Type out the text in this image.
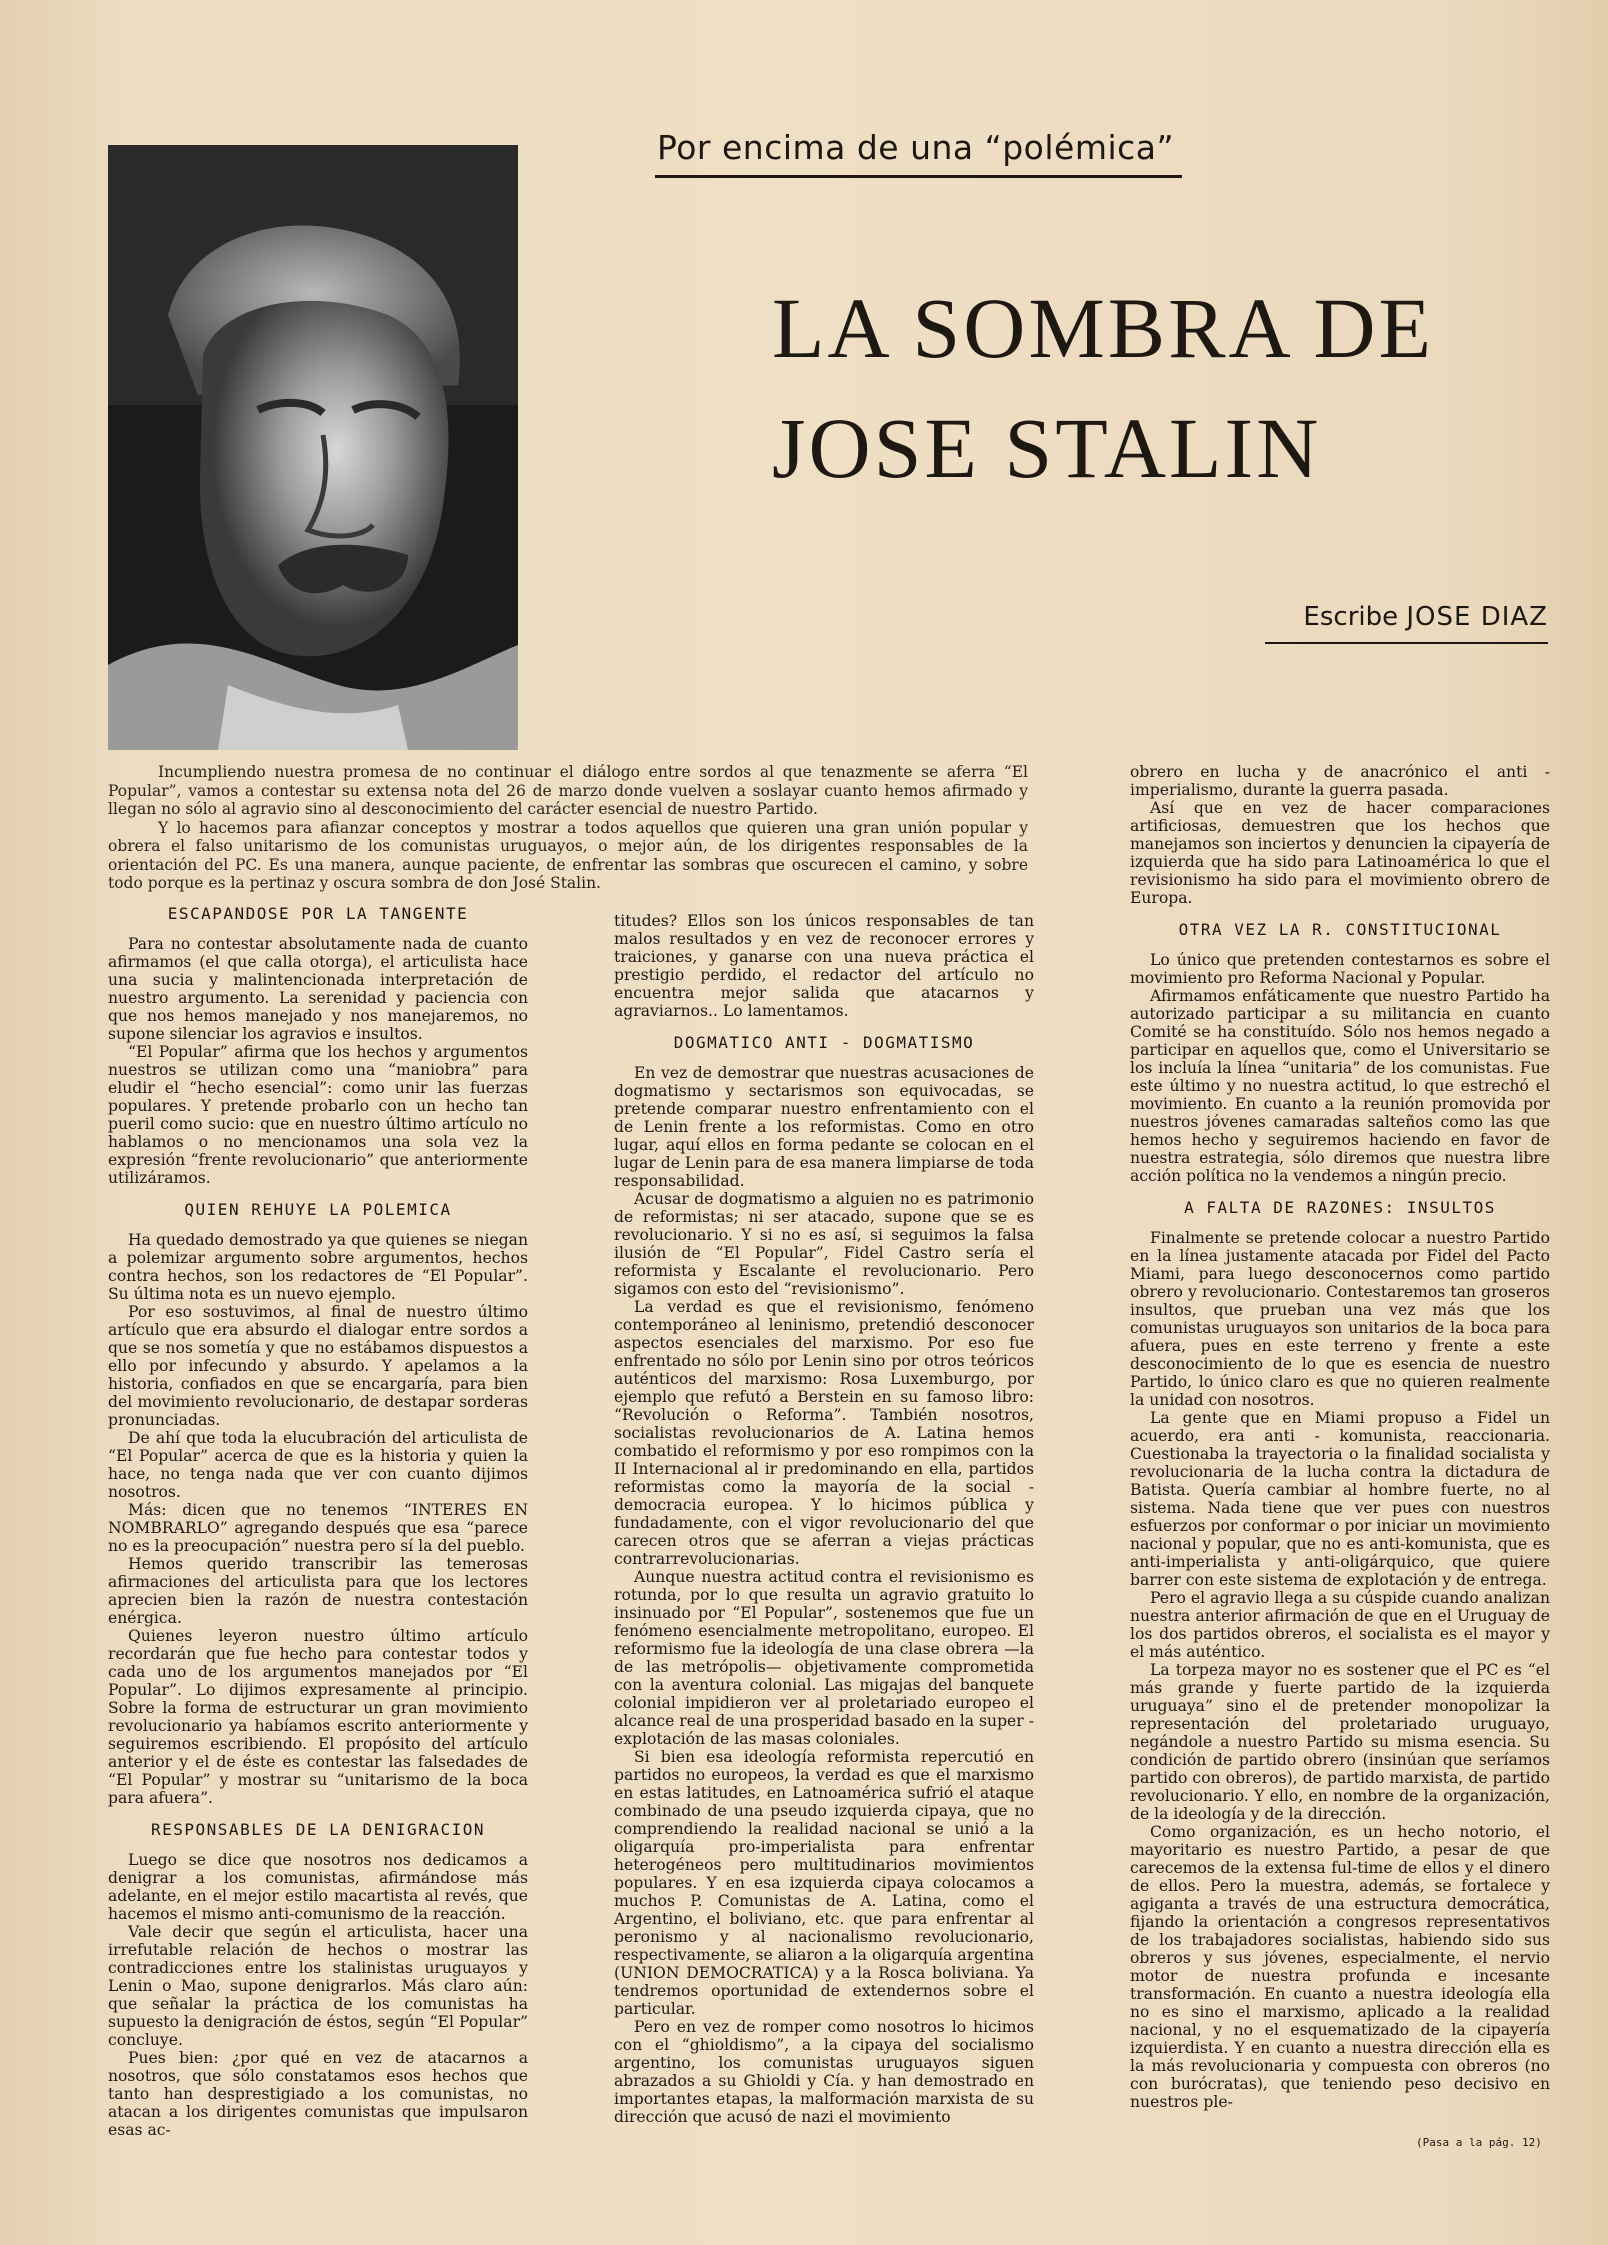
Por encima de una “polémica”
LA SOMBRA DE
JOSE STALIN
Escribe JOSE DIAZ

Incumpliendo nuestra promesa de no continuar el diálogo entre sordos al que tenazmente se aferra “El Popular”, vamos a contestar su extensa nota del 26 de marzo donde vuelven a soslayar cuanto hemos afirmado y llegan no sólo al agravio sino al desconocimiento del carácter esencial de nuestro Partido.

Y lo hacemos para afianzar conceptos y mostrar a todos aquellos que quieren una gran unión popular y obrera el falso unitarismo de los comunistas uruguayos, o mejor aún, de los dirigentes responsables de la orientación del PC. Es una manera, aunque paciente, de enfrentar las sombras que oscurecen el camino, y sobre todo porque es la pertinaz y oscura sombra de don José Stalin.

ESCAPANDOSE POR LA TANGENTE

Para no contestar absolutamente nada de cuanto afirmamos (el que calla otorga), el articulista hace una sucia y malintencionada interpretación de nuestro argumento. La serenidad y paciencia con que nos hemos manejado y nos manejaremos, no supone silenciar los agravios e insultos.

“El Popular” afirma que los hechos y argumentos nuestros se utilizan como una “maniobra” para eludir el “hecho esencial”: como unir las fuerzas populares. Y pretende probarlo con un hecho tan pueril como sucio: que en nuestro último artículo no hablamos o no mencionamos una sola vez la expresión “frente revolucionario” que anteriormente utilizáramos.

QUIEN REHUYE LA POLEMICA

Ha quedado demostrado ya que quienes se niegan a polemizar argumento sobre argumentos, hechos contra hechos, son los redactores de “El Popular”. Su última nota es un nuevo ejemplo.

Por eso sostuvimos, al final de nuestro último artículo que era absurdo el dialogar entre sordos a que se nos sometía y que no estábamos dispuestos a ello por infecundo y absurdo. Y apelamos a la historia, confiados en que se encargaría, para bien del movimiento revolucionario, de destapar sorderas pronunciadas.

De ahí que toda la elucubración del articulista de “El Popular” acerca de que es la historia y quien la hace, no tenga nada que ver con cuanto dijimos nosotros.

Más: dicen que no tenemos “INTERES EN NOMBRARLO” agregando después que esa “parece no es la preocupación” nuestra pero sí la del pueblo.

Hemos querido transcribir las temerosas afirmaciones del articulista para que los lectores aprecien bien la razón de nuestra contestación enérgica.

Quienes leyeron nuestro último artículo recordarán que fue hecho para contestar todos y cada uno de los argumentos manejados por “El Popular”. Lo dijimos expresamente al principio. Sobre la forma de estructurar un gran movimiento revolucionario ya habíamos escrito anteriormente y seguiremos escribiendo. El propósito del artículo anterior y el de éste es contestar las falsedades de “El Popular” y mostrar su “unitarismo de la boca para afuera”.

RESPONSABLES DE LA DENIGRACION

Luego se dice que nosotros nos dedicamos a denigrar a los comunistas, afirmándose más adelante, en el mejor estilo macartista al revés, que hacemos el mismo anti-comunismo de la reacción.

Vale decir que según el articulista, hacer una irrefutable relación de hechos o mostrar las contradicciones entre los stalinistas uruguayos y Lenin o Mao, supone denigrarlos. Más claro aún: que señalar la práctica de los comunistas ha supuesto la denigración de éstos, según “El Popular” concluye.

Pues bien: ¿por qué en vez de atacarnos a nosotros, que sólo constatamos esos hechos que tanto han desprestigiado a los comunistas, no atacan a los dirigentes comunistas que impulsaron esas ac-

titudes? Ellos son los únicos responsables de tan malos resultados y en vez de reconocer errores y traiciones, y ganarse con una nueva práctica el prestigio perdido, el redactor del artículo no encuentra mejor salida que atacarnos y agraviarnos.. Lo lamentamos.

DOGMATICO ANTI - DOGMATISMO

En vez de demostrar que nuestras acusaciones de dogmatismo y sectarismos son equivocadas, se pretende comparar nuestro enfrentamiento con el de Lenin frente a los reformistas. Como en otro lugar, aquí ellos en forma pedante se colocan en el lugar de Lenin para de esa manera limpiarse de toda responsabilidad.

Acusar de dogmatismo a alguien no es patrimonio de reformistas; ni ser atacado, supone que se es revolucionario. Y si no es así, si seguimos la falsa ilusión de “El Popular”, Fidel Castro sería el reformista y Escalante el revolucionario. Pero sigamos con esto del “revisionismo”.

La verdad es que el revisionismo, fenómeno contemporáneo al leninismo, pretendió desconocer aspectos esenciales del marxismo. Por eso fue enfrentado no sólo por Lenin sino por otros teóricos auténticos del marxismo: Rosa Luxemburgo, por ejemplo que refutó a Berstein en su famoso libro: “Revolución o Reforma”. También nosotros, socialistas revolucionarios de A. Latina hemos combatido el reformismo y por eso rompimos con la II Internacional al ir predominando en ella, partidos reformistas como la mayoría de la social - democracia europea. Y lo hicimos pública y fundadamente, con el vigor revolucionario del que carecen otros que se aferran a viejas prácticas contrarrevolucionarias.

Aunque nuestra actitud contra el revisionismo es rotunda, por lo que resulta un agravio gratuito lo insinuado por “El Popular”, sostenemos que fue un fenómeno esencialmente metropolitano, europeo. El reformismo fue la ideología de una clase obrera —la de las metrópolis— objetivamente comprometida con la aventura colonial. Las migajas del banquete colonial impidieron ver al proletariado europeo el alcance real de una prosperidad basado en la super - explotación de las masas coloniales.

Si bien esa ideología reformista repercutió en partidos no europeos, la verdad es que el marxismo en estas latitudes, en Latnoamérica sufrió el ataque combinado de una pseudo izquierda cipaya, que no comprendiendo la realidad nacional se unió a la oligarquía pro-imperialista para enfrentar heterogéneos pero multitudinarios movimientos populares. Y en esa izquierda cipaya colocamos a muchos P. Comunistas de A. Latina, como el Argentino, el boliviano, etc. que para enfrentar al peronismo y al nacionalismo revolucionario, respectivamente, se aliaron a la oligarquía argentina (UNION DEMOCRATICA) y a la Rosca boliviana. Ya tendremos oportunidad de extendernos sobre el particular.

Pero en vez de romper como nosotros lo hicimos con el “ghioldismo”, a la cipaya del socialismo argentino, los comunistas uruguayos siguen abrazados a su Ghioldi y Cía. y han demostrado en importantes etapas, la malformación marxista de su dirección que acusó de nazi el movimiento

obrero en lucha y de anacrónico el anti - imperialismo, durante la guerra pasada.

Así que en vez de hacer comparaciones artificiosas, demuestren que los hechos que manejamos son inciertos y denuncien la cipayería de izquierda que ha sido para Latinoamérica lo que el revisionismo ha sido para el movimiento obrero de Europa.

OTRA VEZ LA R. CONSTITUCIONAL

Lo único que pretenden contestarnos es sobre el movimiento pro Reforma Nacional y Popular.

Afirmamos enfáticamente que nuestro Partido ha autorizado participar a su militancia en cuanto Comité se ha constituído. Sólo nos hemos negado a participar en aquellos que, como el Universitario se los incluía la línea “unitaria” de los comunistas. Fue este último y no nuestra actitud, lo que estrechó el movimiento. En cuanto a la reunión promovida por nuestros jóvenes camaradas salteños como las que hemos hecho y seguiremos haciendo en favor de nuestra estrategia, sólo diremos que nuestra libre acción política no la vendemos a ningún precio.

A FALTA DE RAZONES: INSULTOS

Finalmente se pretende colocar a nuestro Partido en la línea justamente atacada por Fidel del Pacto Miami, para luego desconocernos como partido obrero y revolucionario. Contestaremos tan groseros insultos, que prueban una vez más que los comunistas uruguayos son unitarios de la boca para afuera, pues en este terreno y frente a este desconocimiento de lo que es esencia de nuestro Partido, lo único claro es que no quieren realmente la unidad con nosotros.

La gente que en Miami propuso a Fidel un acuerdo, era anti - komunista, reaccionaria. Cuestionaba la trayectoria o la finalidad socialista y revolucionaria de la lucha contra la dictadura de Batista. Quería cambiar al hombre fuerte, no al sistema. Nada tiene que ver pues con nuestros esfuerzos por conformar o por iniciar un movimiento nacional y popular, que no es anti-komunista, que es anti-imperialista y anti-oligárquico, que quiere barrer con este sistema de explotación y de entrega.

Pero el agravio llega a su cúspide cuando analizan nuestra anterior afirmación de que en el Uruguay de los dos partidos obreros, el socialista es el mayor y el más auténtico.

La torpeza mayor no es sostener que el PC es “el más grande y fuerte partido de la izquierda uruguaya” sino el de pretender monopolizar la representación del proletariado uruguayo, negándole a nuestro Partido su misma esencia. Su condición de partido obrero (insinúan que seríamos partido con obreros), de partido marxista, de partido revolucionario. Y ello, en nombre de la organización, de la ideología y de la dirección.

Como organización, es un hecho notorio, el mayoritario es nuestro Partido, a pesar de que carecemos de la extensa ful-time de ellos y el dinero de ellos. Pero la muestra, además, se fortalece y agiganta a través de una estructura democrática, fijando la orientación a congresos representativos de los trabajadores socialistas, habiendo sido sus obreros y sus jóvenes, especialmente, el nervio motor de nuestra profunda e incesante transformación. En cuanto a nuestra ideología ella no es sino el marxismo, aplicado a la realidad nacional, y no el esquematizado de la cipayería izquierdista. Y en cuanto a nuestra dirección ella es la más revolucionaria y compuesta con obreros (no con burócratas), que teniendo peso decisivo en nuestros ple-

(Pasa a la pág. 12)
